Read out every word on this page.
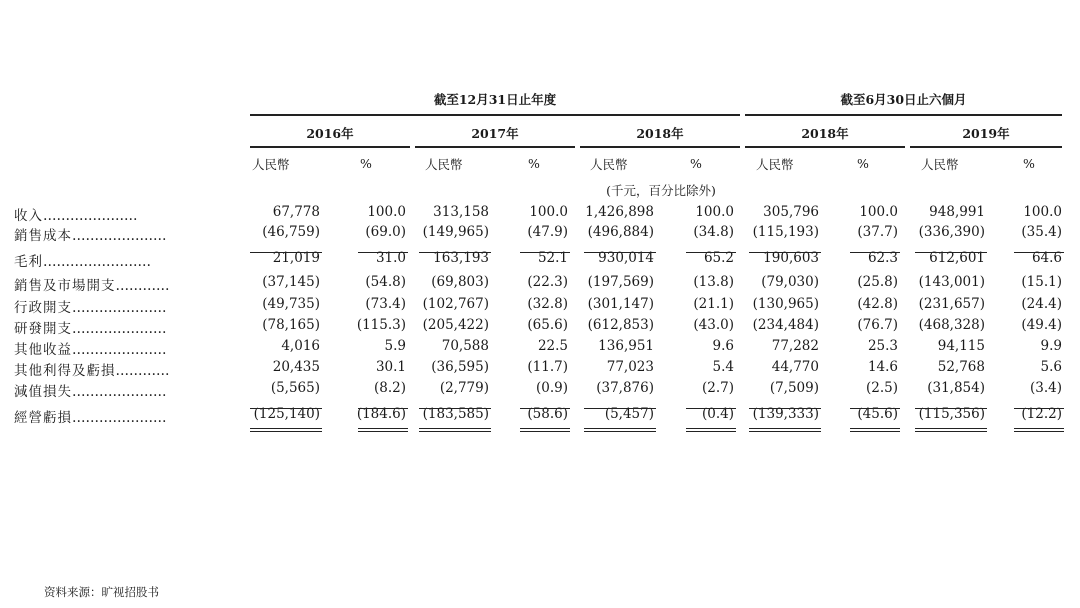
截至12月31日止年度	截至6月30日止六個月
2016年
人民幣	%
2017年
人民幣	%
2018年
人民幣	%
2018年
人民幣	%
2019年
人民幣	%
(千元，百分比除外)
收入…………………	67,778	100.0	313,158	100.0	1,426,898	100.0	305,796	100.0	948,991	100.0
銷售成本…………………	(46,759)	(69.0)	(149,965)	(47.9)	(496,884)	(34.8)	(115,193)	(37.7)	(336,390)	(35.4)
毛利……………………	21,019	31.0	163,193	52.1	930,014	65.2	190,603	62.3	612,601	64.6
銷售及市場開支…………	(37,145)	(54.8)	(69,803)	(22.3)	(197,569)	(13.8)	(79,030)	(25.8)	(143,001)	(15.1)
行政開支…………………	(49,735)	(73.4)	(102,767)	(32.8)	(301,147)	(21.1)	(130,965)	(42.8)	(231,657)	(24.4)
研發開支…………………	(78,165)	(115.3)	(205,422)	(65.6)	(612,853)	(43.0)	(234,484)	(76.7)	(468,328)	(49.4)
其他收益…………………	4,016	5.9	70,588	22.5	136,951	9.6	77,282	25.3	94,115	9.9
其他利得及虧損…………	20,435	30.1	(36,595)	(11.7)	77,023	5.4	44,770	14.6	52,768	5.6
減值損失…………………	(5,565)	(8.2)	(2,779)	(0.9)	(37,876)	(2.7)	(7,509)	(2.5)	(31,854)	(3.4)
經營虧損…………………	(125,140)	(184.6)	(183,585)	(58.6)	(5,457)	(0.4)	(139,333)	(45.6)	(115,356)	(12.2)
资料来源：旷视招股书
